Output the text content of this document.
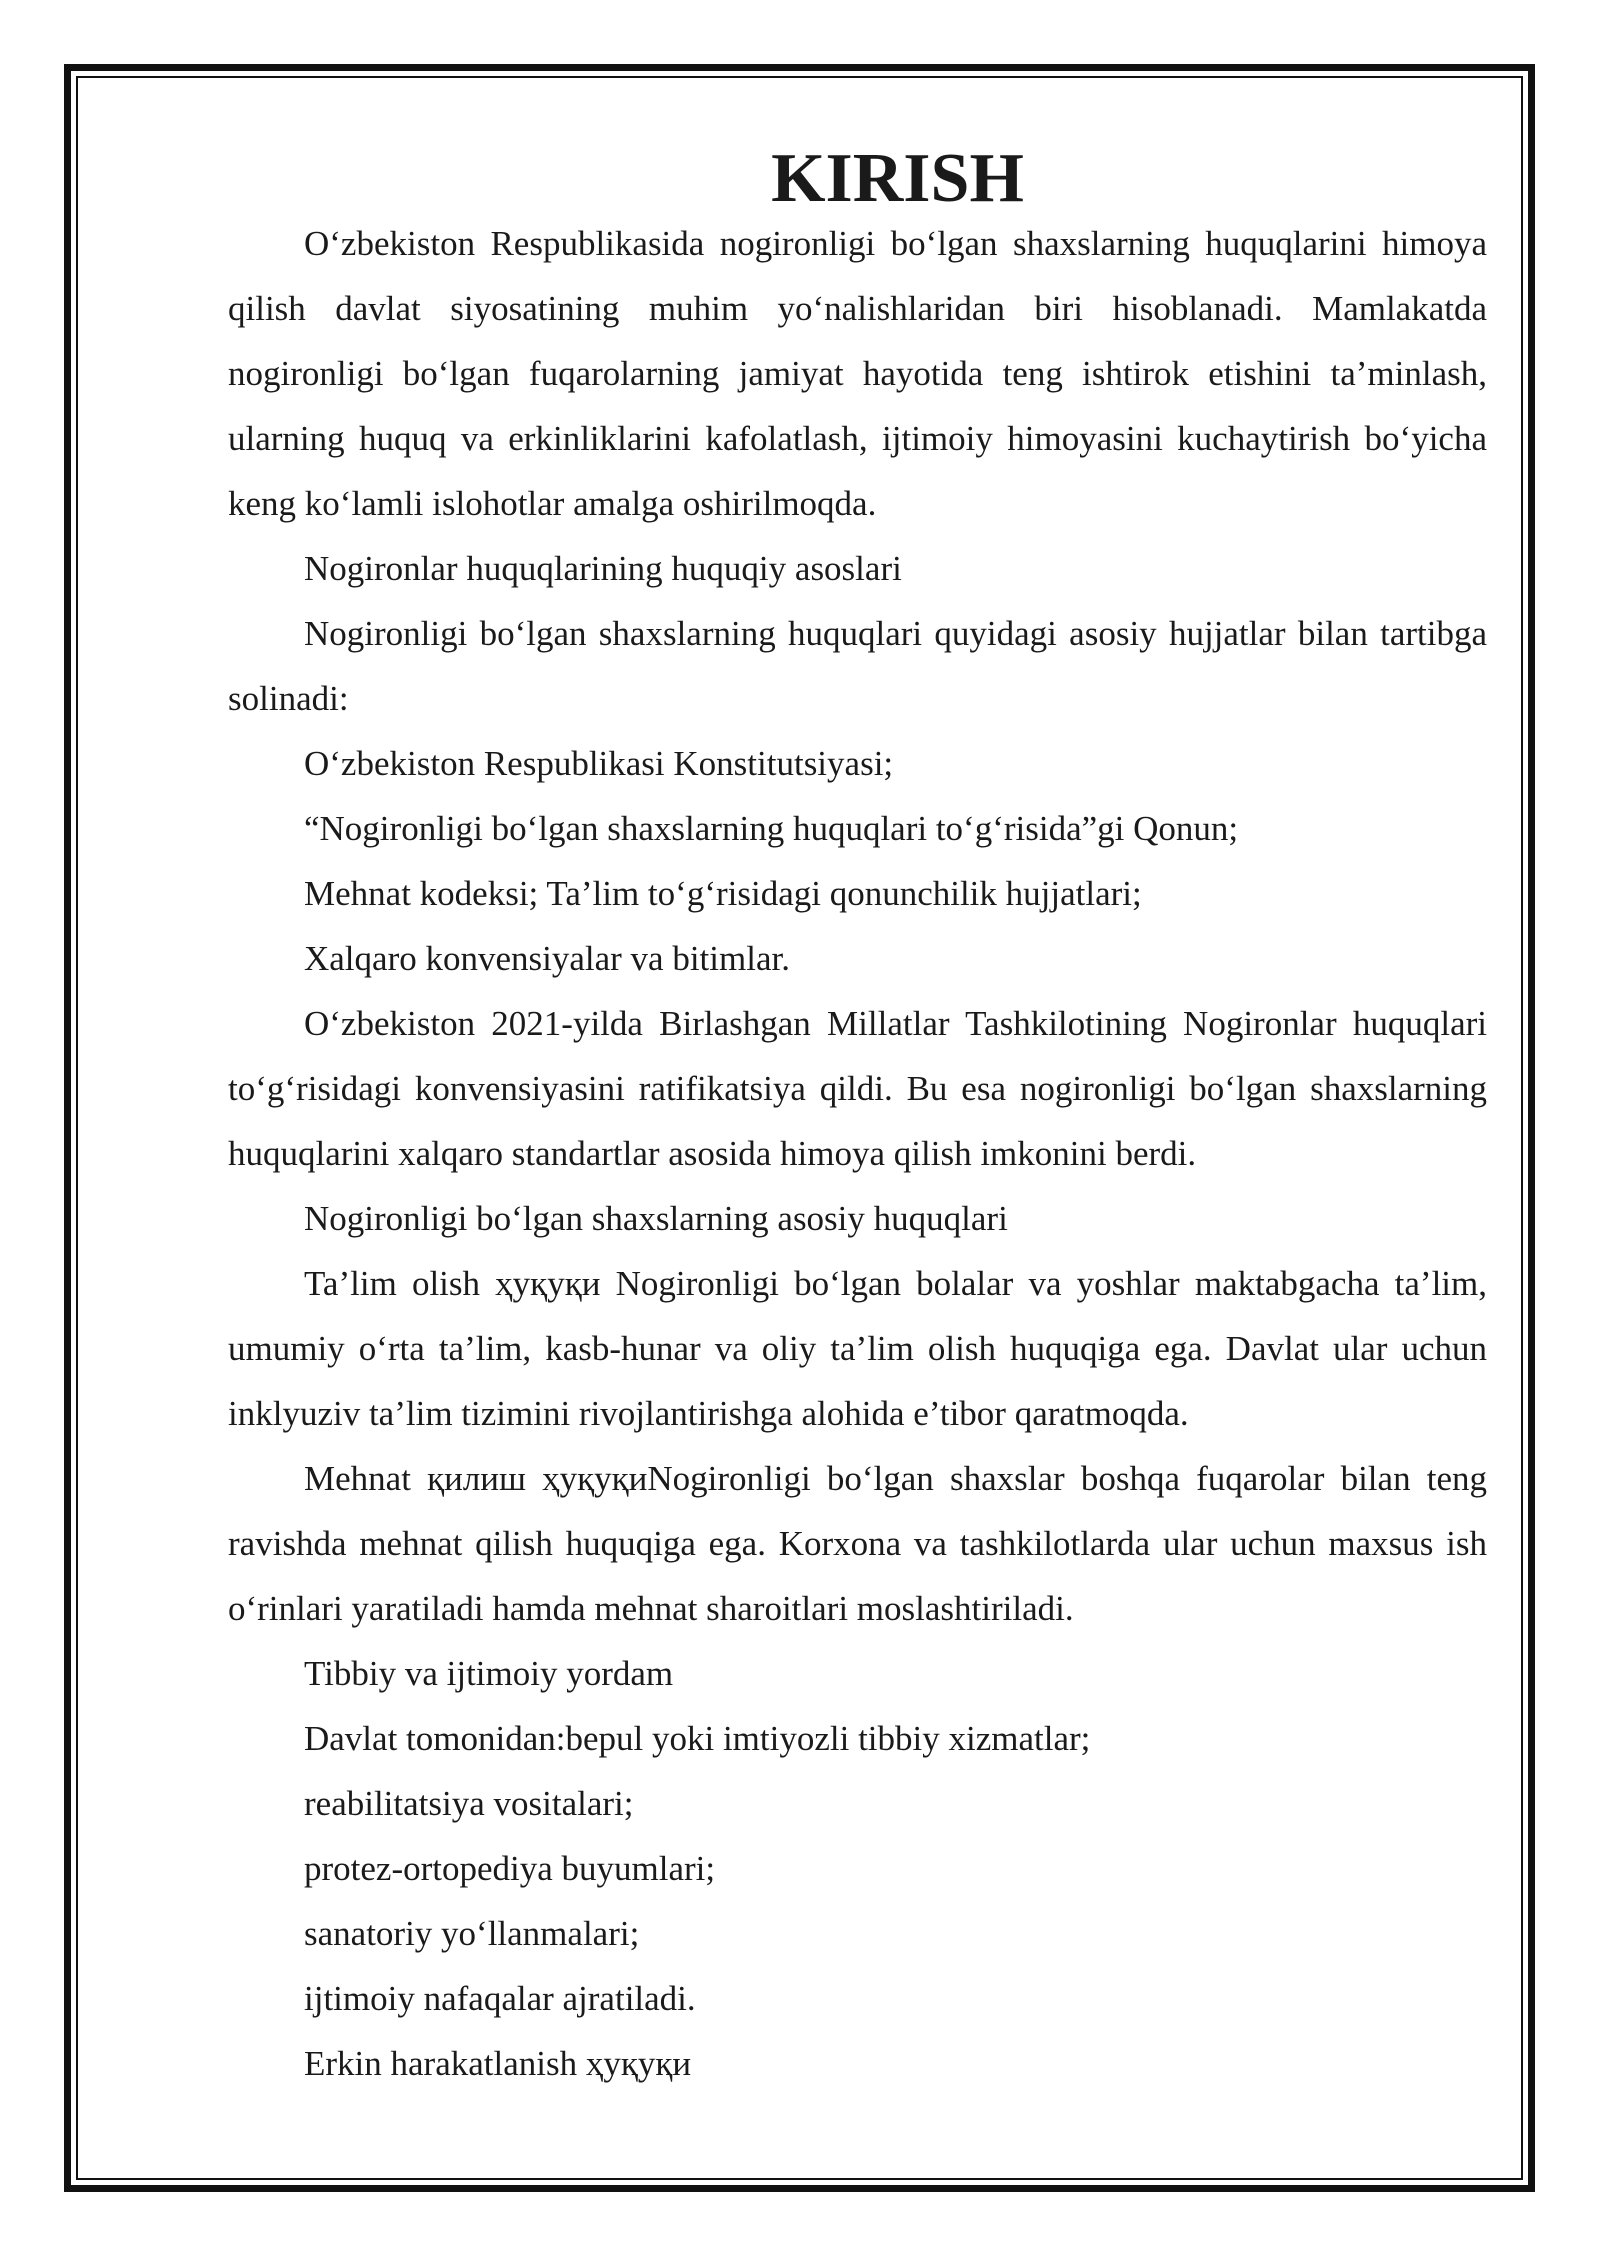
KIRISH

O‘zbekiston Respublikasida nogironligi bo‘lgan shaxslarning huquqlarini himoya qilish davlat siyosatining muhim yo‘nalishlaridan biri hisoblanadi. Mamlakatda nogironligi bo‘lgan fuqarolarning jamiyat hayotida teng ishtirok etishini ta’minlash, ularning huquq va erkinliklarini kafolatlash, ijtimoiy himoyasini kuchaytirish bo‘yicha keng ko‘lamli islohotlar amalga oshirilmoqda.

Nogironlar huquqlarining huquqiy asoslari

Nogironligi bo‘lgan shaxslarning huquqlari quyidagi asosiy hujjatlar bilan tartibga solinadi:

O‘zbekiston Respublikasi Konstitutsiyasi;

“Nogironligi bo‘lgan shaxslarning huquqlari to‘g‘risida”gi Qonun;

Mehnat kodeksi; Ta’lim to‘g‘risidagi qonunchilik hujjatlari;

Xalqaro konvensiyalar va bitimlar.

O‘zbekiston 2021-yilda Birlashgan Millatlar Tashkilotining Nogironlar huquqlari to‘g‘risidagi konvensiyasini ratifikatsiya qildi. Bu esa nogironligi bo‘lgan shaxslarning huquqlarini xalqaro standartlar asosida himoya qilish imkonini berdi.

Nogironligi bo‘lgan shaxslarning asosiy huquqlari

Ta’lim olish ҳуқуқи Nogironligi bo‘lgan bolalar va yoshlar maktabgacha ta’lim, umumiy o‘rta ta’lim, kasb-hunar va oliy ta’lim olish huquqiga ega. Davlat ular uchun inklyuziv ta’lim tizimini rivojlantirishga alohida e’tibor qaratmoqda.

Mehnat қилиш ҳуқуқиNogironligi bo‘lgan shaxslar boshqa fuqarolar bilan teng ravishda mehnat qilish huquqiga ega. Korxona va tashkilotlarda ular uchun maxsus ish o‘rinlari yaratiladi hamda mehnat sharoitlari moslashtiriladi.

Tibbiy va ijtimoiy yordam

Davlat tomonidan:bepul yoki imtiyozli tibbiy xizmatlar;

reabilitatsiya vositalari;

protez-ortopediya buyumlari;

sanatoriy yo‘llanmalari;

ijtimoiy nafaqalar ajratiladi.

Erkin harakatlanish ҳуқуқи
